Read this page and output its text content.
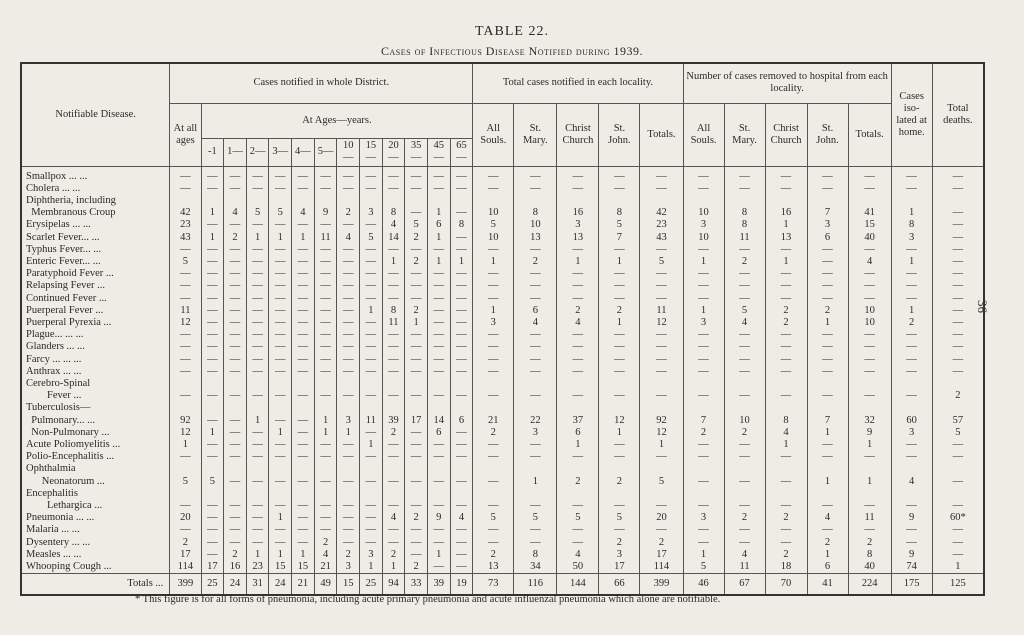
TABLE 22.
Cases of Infectious Disease Notified during 1939.
36
Notifiable Disease.	Cases notified in whole District.													Total cases notified in each locality.					Number of cases removed to hospital from each locality.					Cases iso-lated at home.	Total deaths.
	At all ages	At Ages—years.												All Souls.	St. Mary.	Christ Church	St. John.	Totals.	All Souls.	St. Mary.	Christ Church	St. John.	Totals.		
		-1	1—	2—	3—	4—	5—	10—	15—	20—	35—	45—	65—												
Smallpox ... ...	—	—	—	—	—	—	—	—	—	—	—	—	—	—	—	—	—	—	—	—	—	—	—	—	—
Cholera ... ...	—	—	—	—	—	—	—	—	—	—	—	—	—	—	—	—	—	—	—	—	—	—	—	—	—
Diphtheria, including																									
Membranous Croup	42	1	4	5	5	4	9	2	3	8	—	1	—	10	8	16	8	42	10	8	16	7	41	1	—
Erysipelas ... ...	23	—	—	—	—	—	—	—	—	4	5	6	8	5	10	3	5	23	3	8	1	3	15	8	—
Scarlet Fever... ...	43	1	2	1	1	1	11	4	5	14	2	1	—	10	13	13	7	43	10	11	13	6	40	3	—
Typhus Fever... ...	—	—	—	—	—	—	—	—	—	—	—	—	—	—	—	—	—	—	—	—	—	—	—	—	—
Enteric Fever... ...	5	—	—	—	—	—	—	—	—	1	2	1	1	1	2	1	1	5	1	2	1	—	4	1	—
Paratyphoid Fever ...	—	—	—	—	—	—	—	—	—	—	—	—	—	—	—	—	—	—	—	—	—	—	—	—	—
Relapsing Fever ...	—	—	—	—	—	—	—	—	—	—	—	—	—	—	—	—	—	—	—	—	—	—	—	—	—
Continued Fever ...	—	—	—	—	—	—	—	—	—	—	—	—	—	—	—	—	—	—	—	—	—	—	—	—	—
Puerperal Fever ...	11	—	—	—	—	—	—	—	1	8	2	—	—	1	6	2	2	11	1	5	2	2	10	1	—
Puerperal Pyrexia ...	12	—	—	—	—	—	—	—	—	11	1	—	—	3	4	4	1	12	3	4	2	1	10	2	—
Plague... ... ...	—	—	—	—	—	—	—	—	—	—	—	—	—	—	—	—	—	—	—	—	—	—	—	—	—
Glanders ... ...	—	—	—	—	—	—	—	—	—	—	—	—	—	—	—	—	—	—	—	—	—	—	—	—	—
Farcy ... ... ...	—	—	—	—	—	—	—	—	—	—	—	—	—	—	—	—	—	—	—	—	—	—	—	—	—
Anthrax ... ...	—	—	—	—	—	—	—	—	—	—	—	—	—	—	—	—	—	—	—	—	—	—	—	—	—
Cerebro-Spinal																									
Fever ...	—	—	—	—	—	—	—	—	—	—	—	—	—	—	—	—	—	—	—	—	—	—	—	—	2
Tuberculosis—																									
Pulmonary... ...	92	—	—	1	—	—	1	3	11	39	17	14	6	21	22	37	12	92	7	10	8	7	32	60	57
Non-Pulmonary ...	12	1	—	—	1	—	1	1	—	2	—	6	—	2	3	6	1	12	2	2	4	1	9	3	5
Acute Poliomyelitis ...	1	—	—	—	—	—	—	—	1	—	—	—	—	—	—	1	—	1	—	—	1	—	1	—	—
Polio-Encephalitis ...	—	—	—	—	—	—	—	—	—	—	—	—	—	—	—	—	—	—	—	—	—	—	—	—	—
Ophthalmia																									
Neonatorum ...	5	5	—	—	—	—	—	—	—	—	—	—	—	—	1	2	2	5	—	—	—	1	1	4	—
Encephalitis																									
Lethargica ...	—	—	—	—	—	—	—	—	—	—	—	—	—	—	—	—	—	—	—	—	—	—	—	—	—
Pneumonia ... ...	20	—	—	—	1	—	—	—	—	4	2	9	4	5	5	5	5	20	3	2	2	4	11	9	60*
Malaria ... ...	—	—	—	—	—	—	—	—	—	—	—	—	—	—	—	—	—	—	—	—	—	—	—	—	—
Dysentery ... ...	2	—	—	—	—	—	2	—	—	—	—	—	—	—	—	—	2	2	—	—	—	2	2	—	—
Measles ... ...	17	—	2	1	1	1	4	2	3	2	—	1	—	2	8	4	3	17	1	4	2	1	8	9	—
Whooping Cough ...	114	17	16	23	15	15	21	3	1	1	2	—	—	13	34	50	17	114	5	11	18	6	40	74	1
Totals ...	399	25	24	31	24	21	49	15	25	94	33	39	19	73	116	144	66	399	46	67	70	41	224	175	125
* This figure is for all forms of pneumonia, including acute primary pneumonia and acute influenzal pneumonia which alone are notifiable.
